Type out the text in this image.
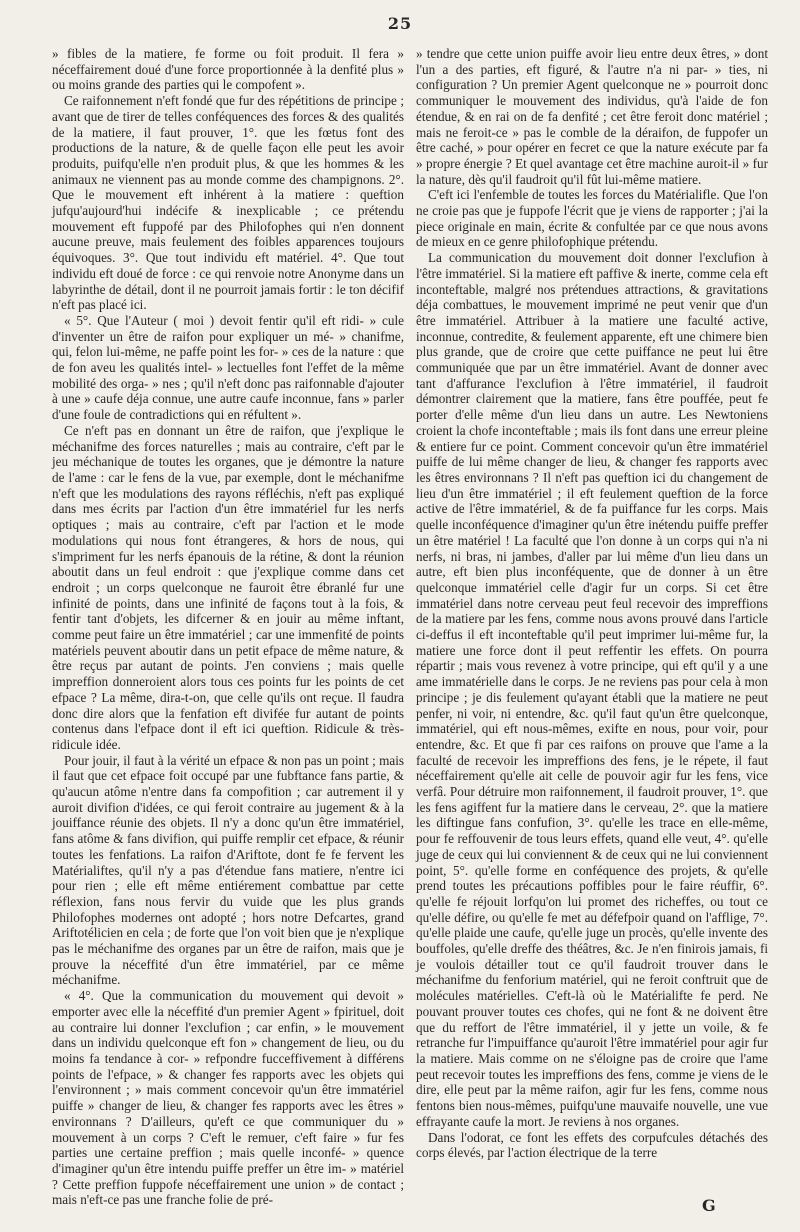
25

» fibles de la matiere, fe forme ou foit produit. Il fera » néceffairement doué d'une force proportionnée à la denfité plus » ou moins grande des parties qui le compofent ».

Ce raifonnement n'eft fondé que fur des répétitions de principe ; avant que de tirer de telles conféquences des forces & des qualités de la matiere, il faut prouver, 1°. que les fœtus font des productions de la nature, & de quelle façon elle peut les avoir produits, puifqu'elle n'en produit plus, & que les hommes & les animaux ne viennent pas au monde comme des champignons. 2°. Que le mouvement eft inhérent à la matiere : queftion jufqu'aujourd'hui indécife & inexplicable ; ce prétendu mouvement eft fuppofé par des Philofophes qui n'en donnent aucune preuve, mais feulement des foibles apparences toujours équivoques. 3°. Que tout individu eft matériel. 4°. Que tout individu eft doué de force : ce qui renvoie notre Anonyme dans un labyrinthe de détail, dont il ne pourroit jamais fortir : le ton décifif n'eft pas placé ici.

« 5°. Que l'Auteur ( moi ) devoit fentir qu'il eft ridi- » cule d'inventer un être de raifon pour expliquer un mé- » chanifme, qui, felon lui-même, ne paffe point les for- » ces de la nature : que de fon aveu les qualités intel- » lectuelles font l'effet de la même mobilité des orga- » nes ; qu'il n'eft donc pas raifonnable d'ajouter à une » caufe déja connue, une autre caufe inconnue, fans » parler d'une foule de contradictions qui en réfultent ».

Ce n'eft pas en donnant un être de raifon, que j'explique le méchanifme des forces naturelles ; mais au contraire, c'eft par le jeu méchanique de toutes les organes, que je démontre la nature de l'ame : car le fens de la vue, par exemple, dont le méchanifme n'eft que les modulations des rayons réfléchis, n'eft pas expliqué dans mes écrits par l'action d'un être immatériel fur les nerfs optiques ; mais au contraire, c'eft par l'action et le mode modulations qui nous font étrangeres, & hors de nous, qui s'impriment fur les nerfs épanouis de la rétine, & dont la réunion aboutit dans un feul endroit : que j'explique comme dans cet endroit ; un corps quelconque ne fauroit être ébranlé fur une infinité de points, dans une infinité de façons tout à la fois, & fentir tant d'objets, les difcerner & en jouir au même inftant, comme peut faire un être immatériel ; car une immenfité de points matériels peuvent aboutir dans un petit efpace de même nature, & être reçus par autant de points. J'en conviens ; mais quelle impreffion donneroient alors tous ces points fur les points de cet efpace ? La même, dira-t-on, que celle qu'ils ont reçue. Il faudra donc dire alors que la fenfation eft divifée fur autant de points contenus dans l'efpace dont il eft ici queftion. Ridicule & très-ridicule idée.

Pour jouir, il faut à la vérité un efpace & non pas un point ; mais il faut que cet efpace foit occupé par une fubftance fans partie, & qu'aucun atôme n'entre dans fa compofition ; car autrement il y auroit divifion d'idées, ce qui feroit contraire au jugement & à la jouiffance réunie des objets. Il n'y a donc qu'un être immatériel, fans atôme & fans divifion, qui puiffe remplir cet efpace, & réunir toutes les fenfations. La raifon d'Ariftote, dont fe fe fervent les Matérialiftes, qu'il n'y a pas d'étendue fans matiere, n'entre ici pour rien ; elle eft même entiérement combattue par cette réflexion, fans nous fervir du vuide que les plus grands Philofophes modernes ont adopté ; hors notre Defcartes, grand Ariftotélicien en cela ; de forte que l'on voit bien que je n'explique pas le méchanifme des organes par un être de raifon, mais que je prouve la néceffité d'un être immatériel, par ce même méchanifme.

« 4°. Que la communication du mouvement qui devoit » emporter avec elle la néceffité d'un premier Agent » fpirituel, doit au contraire lui donner l'exclufion ; car enfin, » le mouvement dans un individu quelconque eft fon » changement de lieu, ou du moins fa tendance à cor- » refpondre fucceffivement à différens points de l'efpace, » & changer fes rapports avec les objets qui l'environnent ; » mais comment concevoir qu'un être immatériel puiffe » changer de lieu, & changer fes rapports avec les êtres » environnans ? D'ailleurs, qu'eft ce que communiquer du » mouvement à un corps ? C'eft le remuer, c'eft faire » fur fes parties une certaine preffion ; mais quelle inconfé- » quence d'imaginer qu'un être intendu puiffe preffer un être im- » matériel ? Cette preffion fuppofe néceffairement une union » de contact ; mais n'eft-ce pas une franche folie de pré-

» tendre que cette union puiffe avoir lieu entre deux êtres, » dont l'un a des parties, eft figuré, & l'autre n'a ni par- » ties, ni configuration ? Un premier Agent quelconque ne » pourroit donc communiquer le mouvement des individus, qu'à l'aide de fon étendue, & en rai on de fa denfité ; cet être feroit donc matériel ; mais ne feroit-ce » pas le comble de la déraifon, de fuppofer un être caché, » pour opérer en fecret ce que la nature exécute par fa » propre énergie ? Et quel avantage cet être machine auroit-il » fur la nature, dès qu'il faudroit qu'il fût lui-même matiere.

C'eft ici l'enfemble de toutes les forces du Matérialifle. Que l'on ne croie pas que je fuppofe l'écrit que je viens de rapporter ; j'ai la piece originale en main, écrite & confultée par ce que nous avons de mieux en ce genre philofophique prétendu.

La communication du mouvement doit donner l'exclufion à l'être immatériel. Si la matiere eft paffive & inerte, comme cela eft inconteftable, malgré nos prétendues attractions, & gravitations déja combattues, le mouvement imprimé ne peut venir que d'un être immatériel. Attribuer à la matiere une faculté active, inconnue, contredite, & feulement apparente, eft une chimere bien plus grande, que de croire que cette puiffance ne peut lui être communiquée que par un être immatériel. Avant de donner avec tant d'affurance l'exclufion à l'être immatériel, il faudroit démontrer clairement que la matiere, fans être pouffée, peut fe porter d'elle même d'un lieu dans un autre. Les Newtoniens croient la chofe inconteftable ; mais ils font dans une erreur pleine & entiere fur ce point. Comment concevoir qu'un être immatériel puiffe de lui même changer de lieu, & changer fes rapports avec les êtres environnans ? Il n'eft pas queftion ici du changement de lieu d'un être immatériel ; il eft feulement queftion de la force active de l'être immatériel, & de fa puiffance fur les corps. Mais quelle inconféquence d'imaginer qu'un être inétendu puiffe preffer un être matériel ! La faculté que l'on donne à un corps qui n'a ni nerfs, ni bras, ni jambes, d'aller par lui même d'un lieu dans un autre, eft bien plus inconféquente, que de donner à un être quelconque immatériel celle d'agir fur un corps. Si cet être immatériel dans notre cerveau peut feul recevoir des impreffions de la matiere par les fens, comme nous avons prouvé dans l'article ci-deffus il eft inconteftable qu'il peut imprimer lui-même fur, la matiere une force dont il peut reffentir les effets. On pourra répartir ; mais vous revenez à votre principe, qui eft qu'il y a une ame immatérielle dans le corps. Je ne reviens pas pour cela à mon principe ; je dis feulement qu'ayant établi que la matiere ne peut penfer, ni voir, ni entendre, &c. qu'il faut qu'un être quelconque, immatériel, qui eft nous-mêmes, exifte en nous, pour voir, pour entendre, &c. Et que fi par ces raifons on prouve que l'ame a la faculté de recevoir les impreffions des fens, je le répete, il faut néceffairement qu'elle ait celle de pouvoir agir fur les fens, vice verfâ. Pour détruire mon raifonnement, il faudroit prouver, 1°. que les fens agiffent fur la matiere dans le cerveau, 2°. que la matiere les diftingue fans confufion, 3°. qu'elle les trace en elle-même, pour fe reffouvenir de tous leurs effets, quand elle veut, 4°. qu'elle juge de ceux qui lui conviennent & de ceux qui ne lui conviennent point, 5°. qu'elle forme en conféquence des projets, & qu'elle prend toutes les précautions poffibles pour le faire réuffir, 6°. qu'elle fe réjouit lorfqu'on lui promet des richeffes, ou tout ce qu'elle défire, ou qu'elle fe met au défefpoir quand on l'afflige, 7°. qu'elle plaide une caufe, qu'elle juge un procès, qu'elle invente des bouffoles, qu'elle dreffe des théâtres, &c. Je n'en finirois jamais, fi je voulois détailler tout ce qu'il faudroit trouver dans le méchanifme du fenforium matériel, qui ne feroit conftruit que de molécules matérielles. C'eft-là où le Matérialifte fe perd. Ne pouvant prouver toutes ces chofes, qui ne font & ne doivent être que du reffort de l'être immatériel, il y jette un voile, & fe retranche fur l'impuiffance qu'auroit l'être immatériel pour agir fur la matiere. Mais comme on ne s'éloigne pas de croire que l'ame peut recevoir toutes les impreffions des fens, comme je viens de le dire, elle peut par la même raifon, agir fur les fens, comme nous fentons bien nous-mêmes, puifqu'une mauvaife nouvelle, une vue effrayante caufe la mort. Je reviens à nos organes.

Dans l'odorat, ce font les effets des corpufcules détachés des corps élevés, par l'action électrique de la terre

G
